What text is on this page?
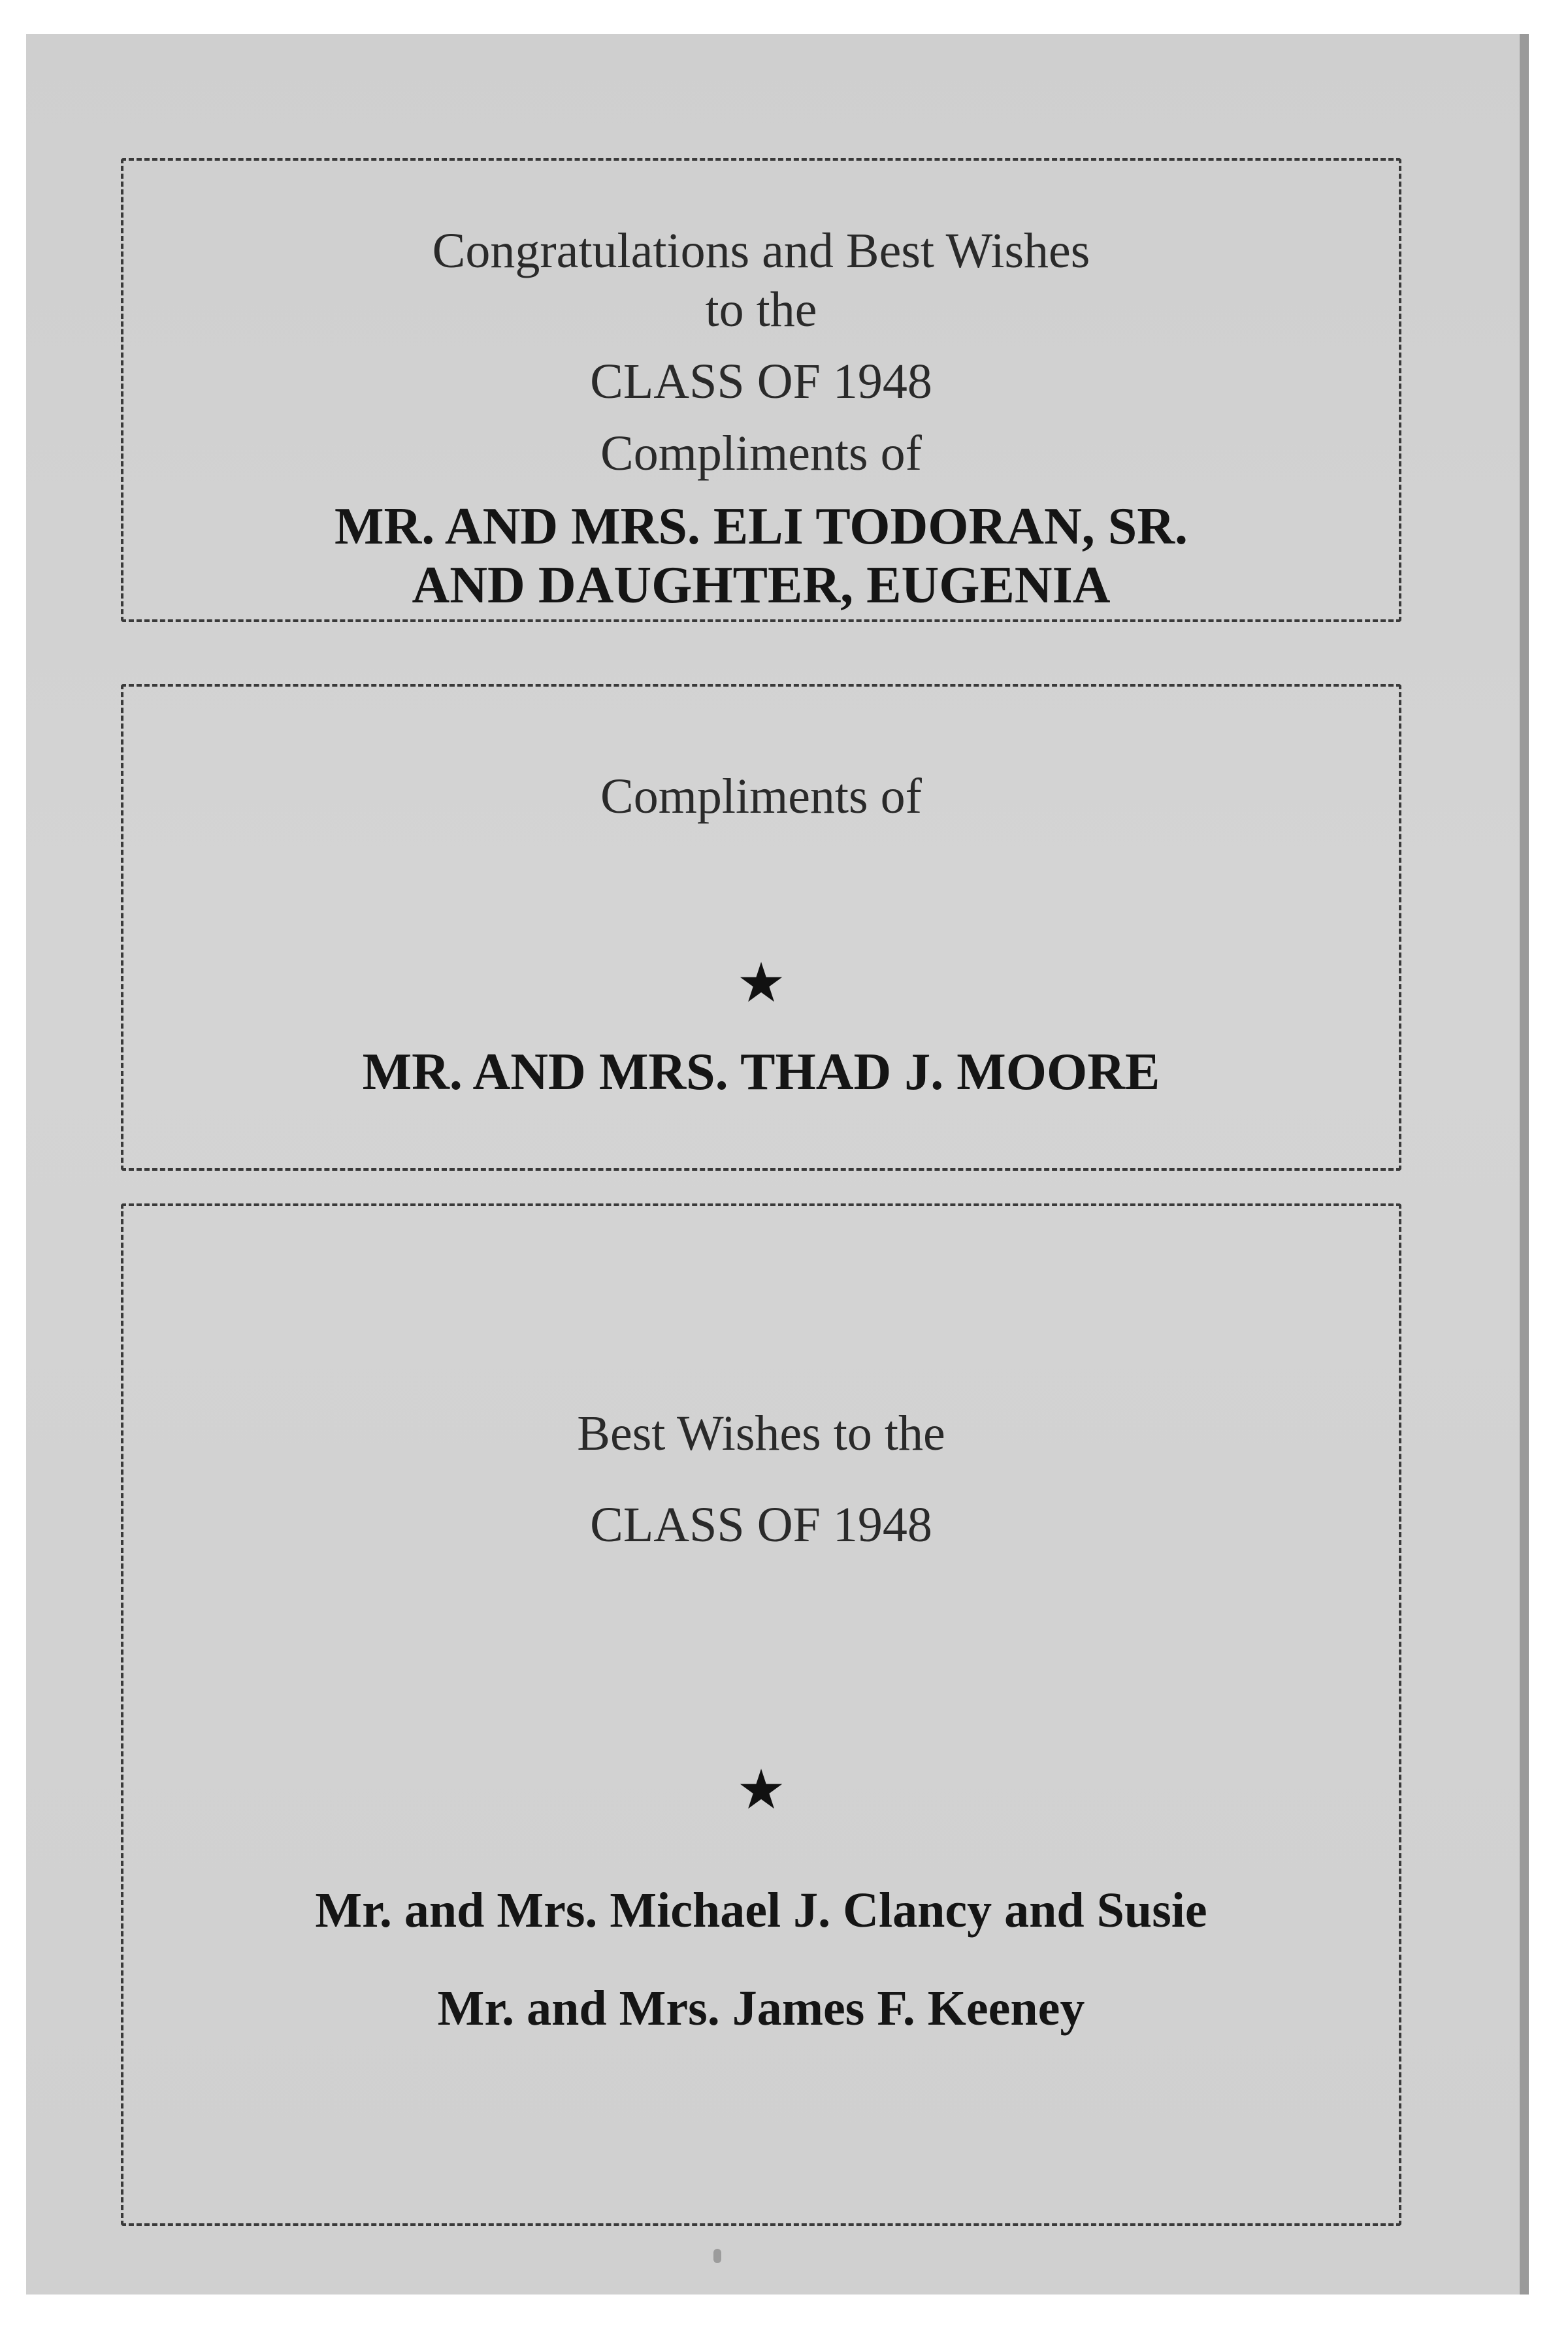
Congratulations and Best Wishes

to the

CLASS OF 1948

Compliments of

MR. AND MRS. ELI TODORAN, SR.

AND DAUGHTER, EUGENIA

Compliments of

★

MR. AND MRS. THAD J. MOORE

Best Wishes to the

CLASS OF 1948

★

Mr. and Mrs. Michael J. Clancy and Susie

Mr. and Mrs. James F. Keeney
